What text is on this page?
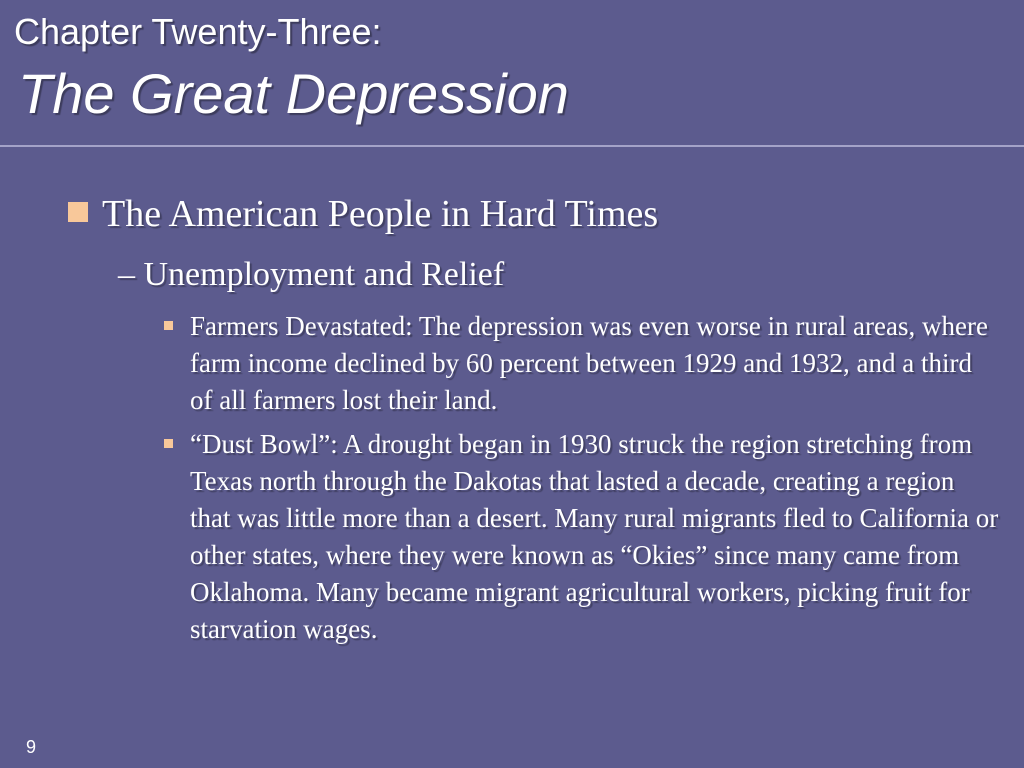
Chapter Twenty-Three:
The Great Depression
The American People in Hard Times
– Unemployment and Relief
Farmers Devastated: The depression was even worse in rural areas, where farm income declined by 60 percent between 1929 and 1932, and a third of all farmers lost their land.
“Dust Bowl”: A drought began in 1930 struck the region stretching from Texas north through the Dakotas that lasted a decade, creating a region that was little more than a desert. Many rural migrants fled to California or other states, where they were known as “Okies” since many came from Oklahoma. Many became migrant agricultural workers, picking fruit for starvation wages.
9
